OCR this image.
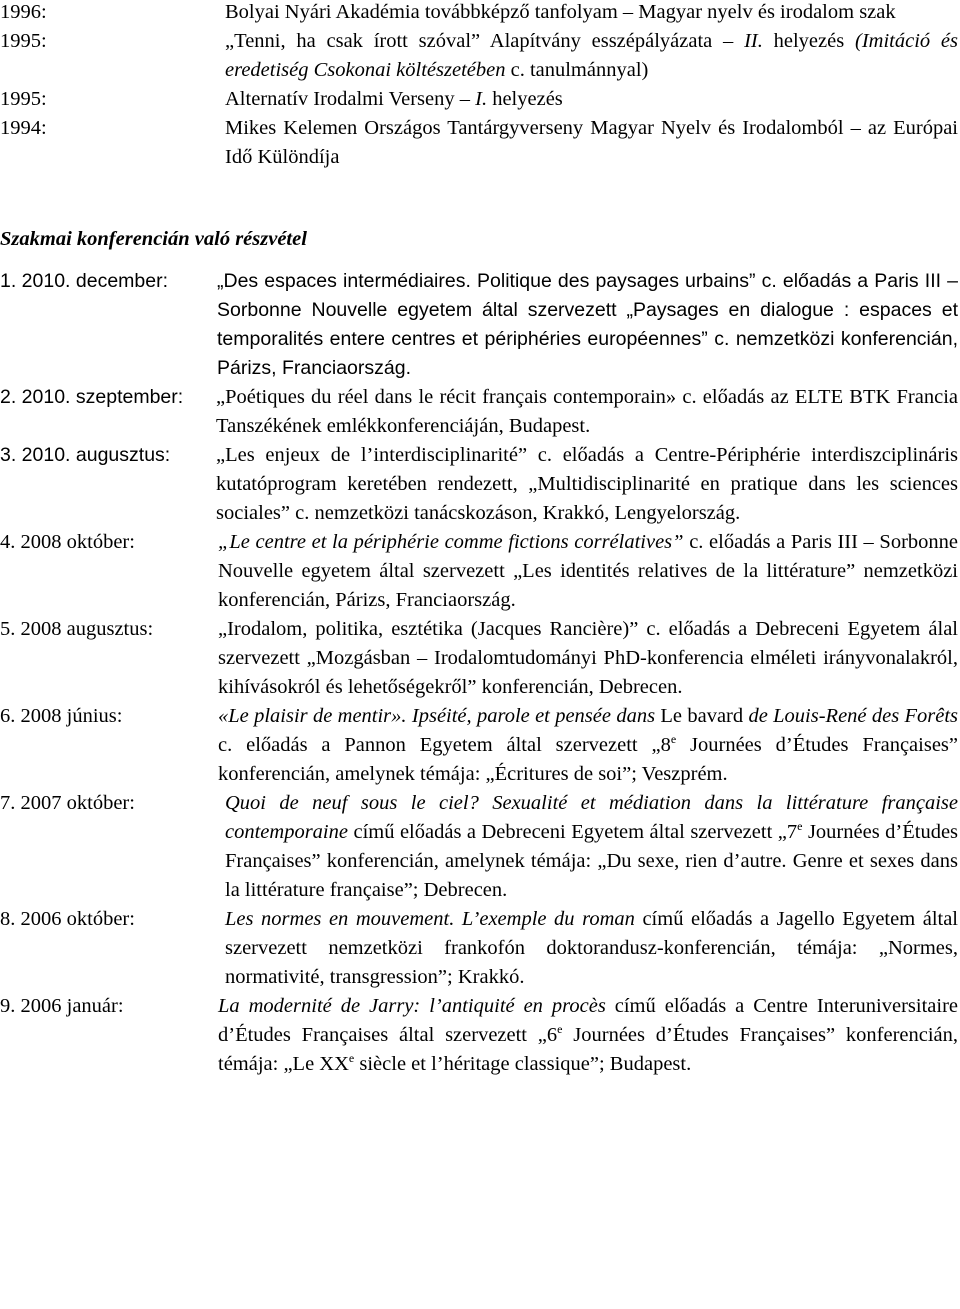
1996:	Bolyai Nyári Akadémia továbbképző tanfolyam – Magyar nyelv és irodalom szak
1995:	„Tenni, ha csak írott szóval” Alapítvány esszépályázata – II. helyezés (Imitáció és eredetiség Csokonai költészetében c. tanulmánnyal)
1995:	Alternatív Irodalmi Verseny – I. helyezés
1994:	Mikes Kelemen Országos Tantárgyverseny Magyar Nyelv és Irodalomból – az Európai Idő Különdíja
Szakmai konferencián való részvétel
1. 2010. december:	„Des espaces intermédiaires. Politique des paysages urbains” c. előadás a Paris III – Sorbonne Nouvelle egyetem által szervezett „Paysages en dialogue : espaces et temporalités entere centres et périphéries européennes” c. nemzetközi konferencián, Párizs, Franciaország.
2. 2010. szeptember:	„Poétiques du réel dans le récit français contemporain» c. előadás az ELTE BTK Francia Tanszékének emlékkonferenciáján, Budapest.
3. 2010. augusztus:	„Les enjeux de l’interdisciplinarité” c. előadás a Centre-Périphérie interdiszciplináris kutatóprogram keretében rendezett, „Multidisciplinarité en pratique dans les sciences sociales” c. nemzetközi tanácskozáson, Krakkó, Lengyelország.
4. 2008 október:	„Le centre et la périphérie comme fictions corrélatives” c. előadás a Paris III – Sorbonne Nouvelle egyetem által szervezett „Les identités relatives de la littérature” nemzetközi konferencián, Párizs, Franciaország.
5. 2008 augusztus:	„Irodalom, politika, esztétika (Jacques Rancière)” c. előadás a Debreceni Egyetem álal szervezett „Mozgásban – Irodalomtudományi PhD-konferencia elméleti irányvonalakról, kihívásokról és lehetőségekről” konferencián, Debrecen.
6. 2008 június:	«Le plaisir de mentir». Ipséité, parole et pensée dans Le bavard de Louis-René des Forêts c. előadás a Pannon Egyetem által szervezett „8e Journées d’Études Françaises” konferencián, amelynek témája: „Écritures de soi”; Veszprém.
7. 2007 október:	Quoi de neuf sous le ciel? Sexualité et médiation dans la littérature française contemporaine című előadás a Debreceni Egyetem által szervezett „7e Journées d’Études Françaises” konferencián, amelynek témája: „Du sexe, rien d’autre. Genre et sexes dans la littérature française”; Debrecen.
8. 2006 október:	Les normes en mouvement. L’exemple du roman című előadás a Jagello Egyetem által szervezett nemzetközi frankofón doktorandusz-konferencián, témája: „Normes, normativité, transgression”; Krakkó.
9. 2006 január:	La modernité de Jarry: l’antiquité en procès című előadás a Centre Interuniversitaire d’Études Françaises által szervezett „6e Journées d’Études Françaises” konferencián, témája: „Le XXe siècle et l’héritage classique”; Budapest.
